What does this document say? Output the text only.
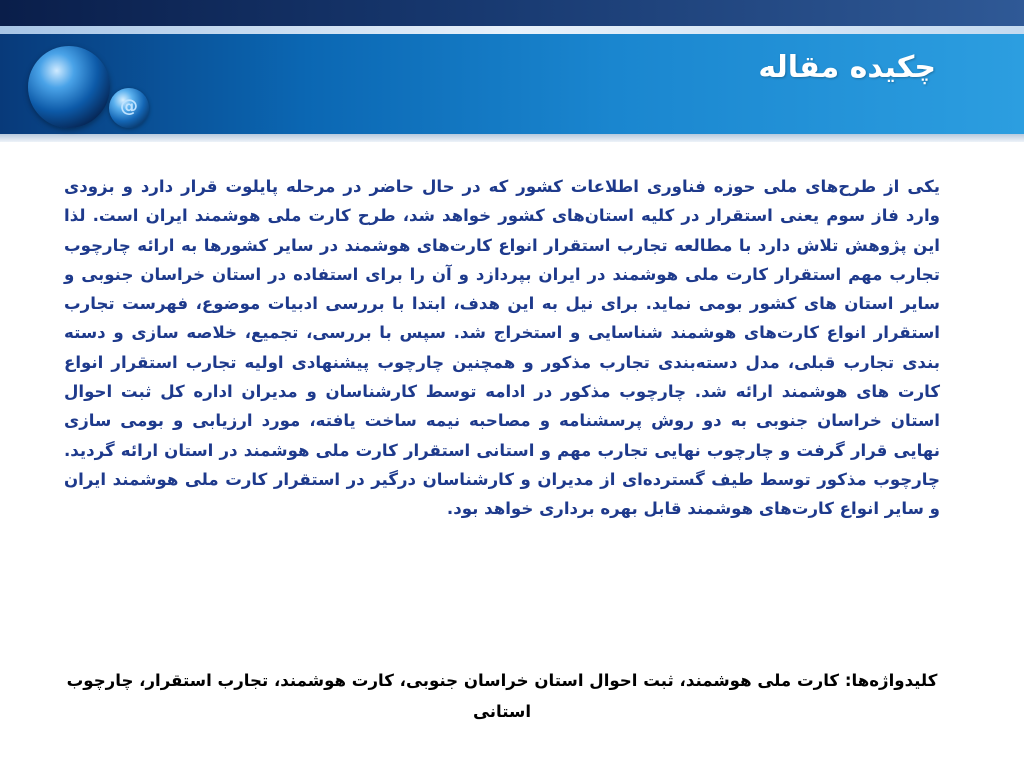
@
چکیده مقاله

یکی از طرح‌های ملی حوزه فناوری اطلاعات کشور که در حال حاضر در مرحله پایلوت قرار دارد و بزودی وارد فاز سوم یعنی استقرار در کلیه استان‌های کشور خواهد شد، طرح کارت ملی هوشمند ایران است. لذا این پژوهش تلاش دارد با مطالعه تجارب استقرار انواع کارت‌های هوشمند در سایر کشورها به ارائه چارچوب تجارب مهم استقرار کارت ملی هوشمند در ایران بپردازد و آن را برای استفاده در استان خراسان جنوبی و سایر استان های کشور بومی نماید. برای نیل به این هدف، ابتدا با بررسی ادبیات موضوع، فهرست تجارب استقرار انواع کارت‌های هوشمند شناسایی و استخراج شد. سپس با بررسی، تجمیع، خلاصه سازی و دسته بندی تجارب قبلی، مدل دسته‌بندی تجارب مذکور و همچنین چارچوب پیشنهادی اولیه تجارب استقرار انواع کارت های هوشمند ارائه شد. چارچوب مذکور در ادامه توسط کارشناسان و مدیران اداره کل ثبت احوال استان خراسان جنوبی به دو روش پرسشنامه و مصاحبه نیمه ساخت یافته، مورد ارزیابی و بومی سازی نهایی قرار گرفت و چارچوب نهایی تجارب مهم و استانی استقرار کارت ملی هوشمند در استان ارائه گردید. چارچوب مذکور توسط طیف گسترده‌ای از مدیران و کارشناسان درگیر در استقرار کارت ملی هوشمند ایران و سایر انواع کارت‌های هوشمند قابل بهره برداری خواهد بود.

کلیدواژه‌ها: کارت ملی هوشمند، ثبت احوال استان خراسان جنوبی، کارت هوشمند، تجارب استقرار، چارچوب استانی
